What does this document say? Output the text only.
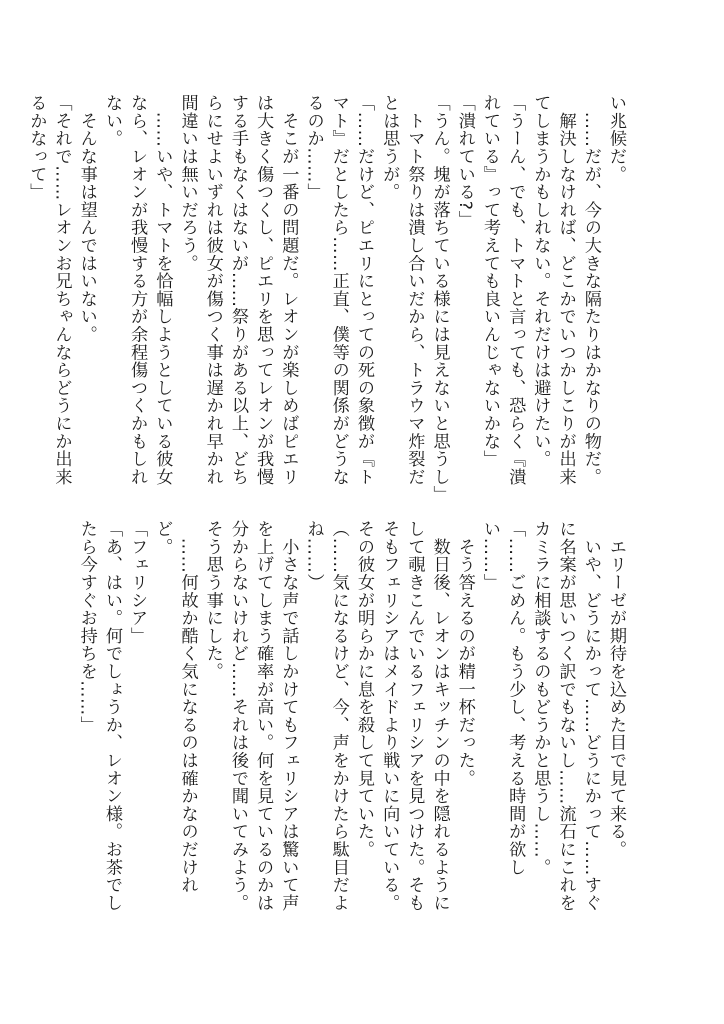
い兆候だ。

　……だが、今の大きな隔たりはかなりの物だ。

　解決しなければ、どこかでいつかしこりが出来てしまうかもしれない。それだけは避けたい。

「うーん、でも、トマトと言っても、恐らく『潰れている』って考えても良いんじゃないかな」

「潰れている?」

「うん。塊が落ちている様には見えないと思うし」

　トマト祭りは潰し合いだから、トラウマ炸裂だとは思うが。

「……だけど、ピエリにとっての死の象徴が『トマト』だとしたら……正直、僕等の関係がどうなるのか……」

　そこが一番の問題だ。レオンが楽しめばピエリは大きく傷つくし、ピエリを思ってレオンが我慢する手もなくはないが……祭りがある以上、どちらにせよいずれは彼女が傷つく事は遅かれ早かれ間違いは無いだろう。

　……いや、トマトを恰幅しようとしている彼女なら、レオンが我慢する方が余程傷つくかもしれない。

　そんな事は望んではいない。

「それで……レオンお兄ちゃんならどうにか出来るかなって」

　エリーゼが期待を込めた目で見て来る。

　いや、どうにかって……どうにかって……すぐに名案が思いつく訳でもないし……流石にこれをカミラに相談するのもどうかと思うし……。

「……ごめん。もう少し、考える時間が欲しい……」

　そう答えるのが精一杯だった。

　数日後、レオンはキッチンの中を隠れるようにして覗きこんでいるフェリシアを見つけた。そもそもフェリシアはメイドより戦いに向いている。その彼女が明らかに息を殺して見ていた。

（……気になるけど、今、声をかけたら駄目だよね……）

　小さな声で話しかけてもフェリシアは驚いて声を上げてしまう確率が高い。何を見ているのかは分からないけれど……それは後で聞いてみよう。そう思う事にした。

　……何故か酷く気になるのは確かなのだけれど。

「フェリシア」

「あ、はい。何でしょうか、レオン様。お茶でしたら今すぐお持ちを……」
